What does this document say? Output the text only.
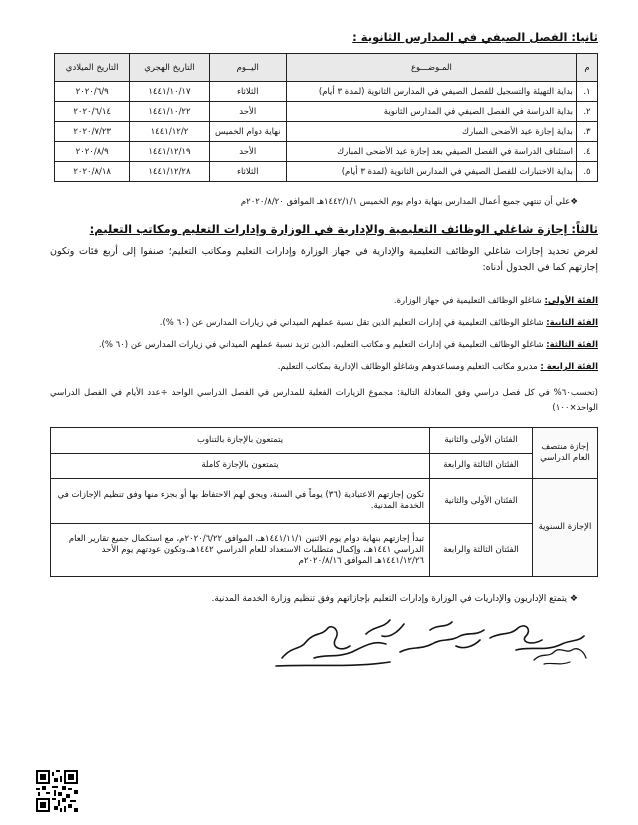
ثانيا: الفصل الصيفي في المدارس الثانوية :
م	المـوضـــوع	اليــوم	التاريخ الهجري	التاريخ الميلادي
١.	بداية التهيئة والتسجيل للفصل الصيفي في المدارس الثانوية (لمدة ٣ أيام)	الثلاثاء	١٤٤١/١٠/١٧	٢٠٢٠/٦/٩
٢.	بداية الدراسة في الفصل الصيفي في المدارس الثانوية	الأحد	١٤٤١/١٠/٢٢	٢٠٢٠/٦/١٤
٣.	بداية إجازة عيد الأضحى المبارك	نهاية دوام الخميس	١٤٤١/١٢/٢	٢٠٢٠/٧/٢٣
٤.	استئناف الدراسة في الفصل الصيفي بعد إجازة عيد الأضحى المبارك	الأحد	١٤٤١/١٢/١٩	٢٠٢٠/٨/٩
٥.	بداية الاختبارات للفصل الصيفي في المدارس الثانوية (لمدة ٣ أيام)	الثلاثاء	١٤٤١/١٢/٢٨	٢٠٢٠/٨/١٨
❖علي أن تنتهي جميع أعمال المدارس بنهاية دوام يوم الخميس ١٤٤٢/١/١هـ الموافق ٢٠٢٠/٨/٢٠م
ثالثاً: إجازة شاغلي الوظائف التعليمية والإدارية في الوزارة وإدارات التعليم ومكاتب التعليم:
لغرض تحديد إجازات شاغلي الوظائف التعليمية والإدارية في جهاز الوزارة وإدارات التعليم ومكاتب التعليم؛ صنفوا إلى أربع فئات وتكون إجازتهم كما في الجدول أدناه:
الفئة الأولى: شاغلو الوظائف التعليمية في جهاز الوزارة.
الفئة الثانية: شاغلو الوظائف التعليمية في إدارات التعليم الذين تقل نسبة عملهم الميداني في زيارات المدارس عن (٦٠ %).
الفئة الثالثة: شاغلو الوظائف التعليمية في إدارات التعليم و مكاتب التعليم، الذين تزيد نسبة عملهم الميداني في زيارات المدارس عن (٦٠ %).
الفئة الرابعة : مديرو مكاتب التعليم ومساعدوهم وشاغلو الوظائف الإدارية بمكاتب التعليم.
(تحسب٦٠% في كل فصل دراسي وفق المعادلة التالية: مجموع الزيارات الفعلية للمدارس في الفصل الدراسي الواحد ÷عدد الأيام في الفصل الدراسي الواحد×١٠٠)
إجازة منتصف العام الدراسي	الفئتان الأولى والثانية	يتمتعون بالإجازة بالتناوب
	الفئتان الثالثة والرابعة	يتمتعون بالإجازة كاملة
الإجازة السنوية	الفئتان الأولى والثانية	تكون إجازتهم الاعتيادية (٣٦) يوماً في السنة، ويحق لهم الاحتفاظ بها أو بجزء منها وفق تنظيم الإجازات في الخدمة المدنية.
	الفئتان الثالثة والرابعة	تبدأ إجازتهم بنهاية دوام يوم الاثنين ١٤٤١/١١/١هـ، الموافق ٢٠٢٠/٦/٢٢م، مع استكمال جميع تقارير العام الدراسي ١٤٤١هـ، وإكمال متطلبات الاستعداد للعام الدراسي ١٤٤٢هـ،وتكون عودتهم يوم الأحد ١٤٤١/١٢/٢٦هـ الموافق ٢٠٢٠/٨/١٦م
❖ يتمتع الإداريون والإداريات في الوزارة وإدارات التعليم بإجازاتهم وفق تنظيم وزارة الخدمة المدنية.
